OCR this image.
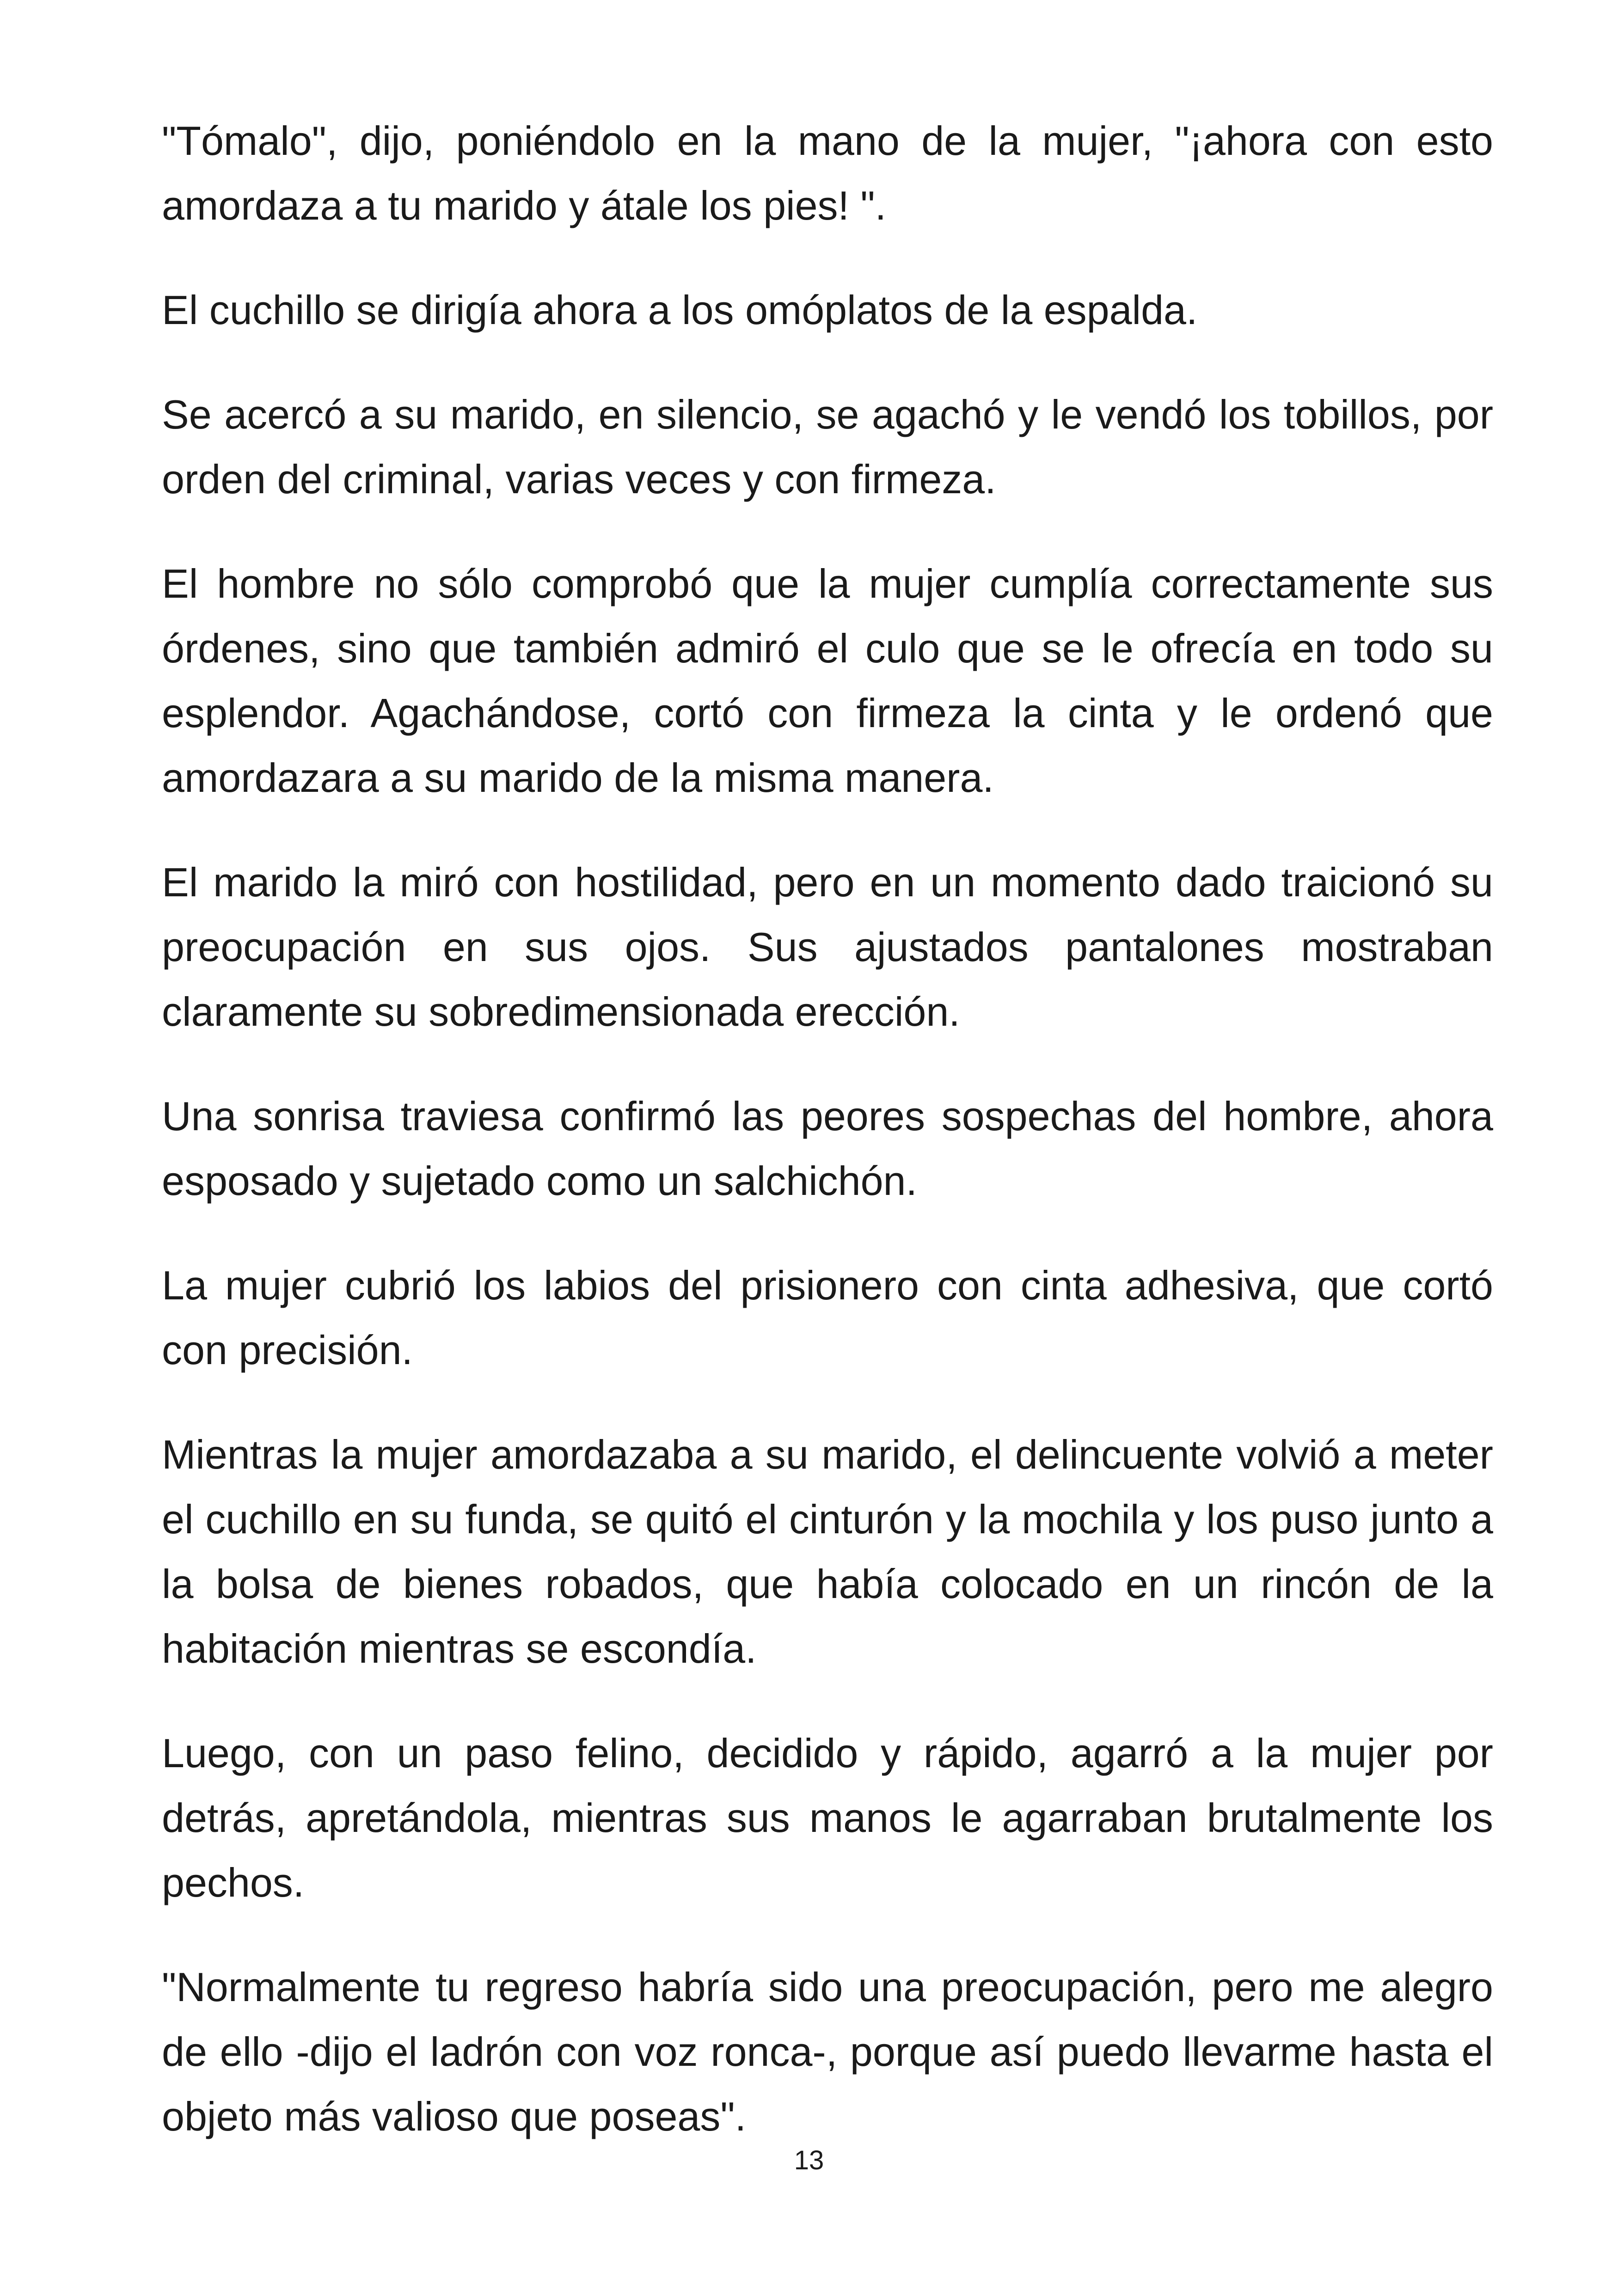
"Tómalo", dijo, poniéndolo en la mano de la mujer, "¡ahora con esto amordaza a tu marido y átale los pies! ".

El cuchillo se dirigía ahora a los omóplatos de la espalda.

Se acercó a su marido, en silencio, se agachó y le vendó los tobillos, por orden del criminal, varias veces y con firmeza.

El hombre no sólo comprobó que la mujer cumplía correctamente sus órdenes, sino que también admiró el culo que se le ofrecía en todo su esplendor. Agachándose, cortó con firmeza la cinta y le ordenó que amordazara a su marido de la misma manera.

El marido la miró con hostilidad, pero en un momento dado traicionó su preocupación en sus ojos. Sus ajustados pantalones mostraban claramente su sobredimensionada erección.

Una sonrisa traviesa confirmó las peores sospechas del hombre, ahora esposado y sujetado como un salchichón.

La mujer cubrió los labios del prisionero con cinta adhesiva, que cortó con precisión.

Mientras la mujer amordazaba a su marido, el delincuente volvió a meter el cuchillo en su funda, se quitó el cinturón y la mochila y los puso junto a la bolsa de bienes robados, que había colocado en un rincón de la habitación mientras se escondía.

Luego, con un paso felino, decidido y rápido, agarró a la mujer por detrás, apretándola, mientras sus manos le agarraban brutalmente los pechos.

"Normalmente tu regreso habría sido una preocupación, pero me alegro de ello -dijo el ladrón con voz ronca-, porque así puedo llevarme hasta el objeto más valioso que poseas".

13
